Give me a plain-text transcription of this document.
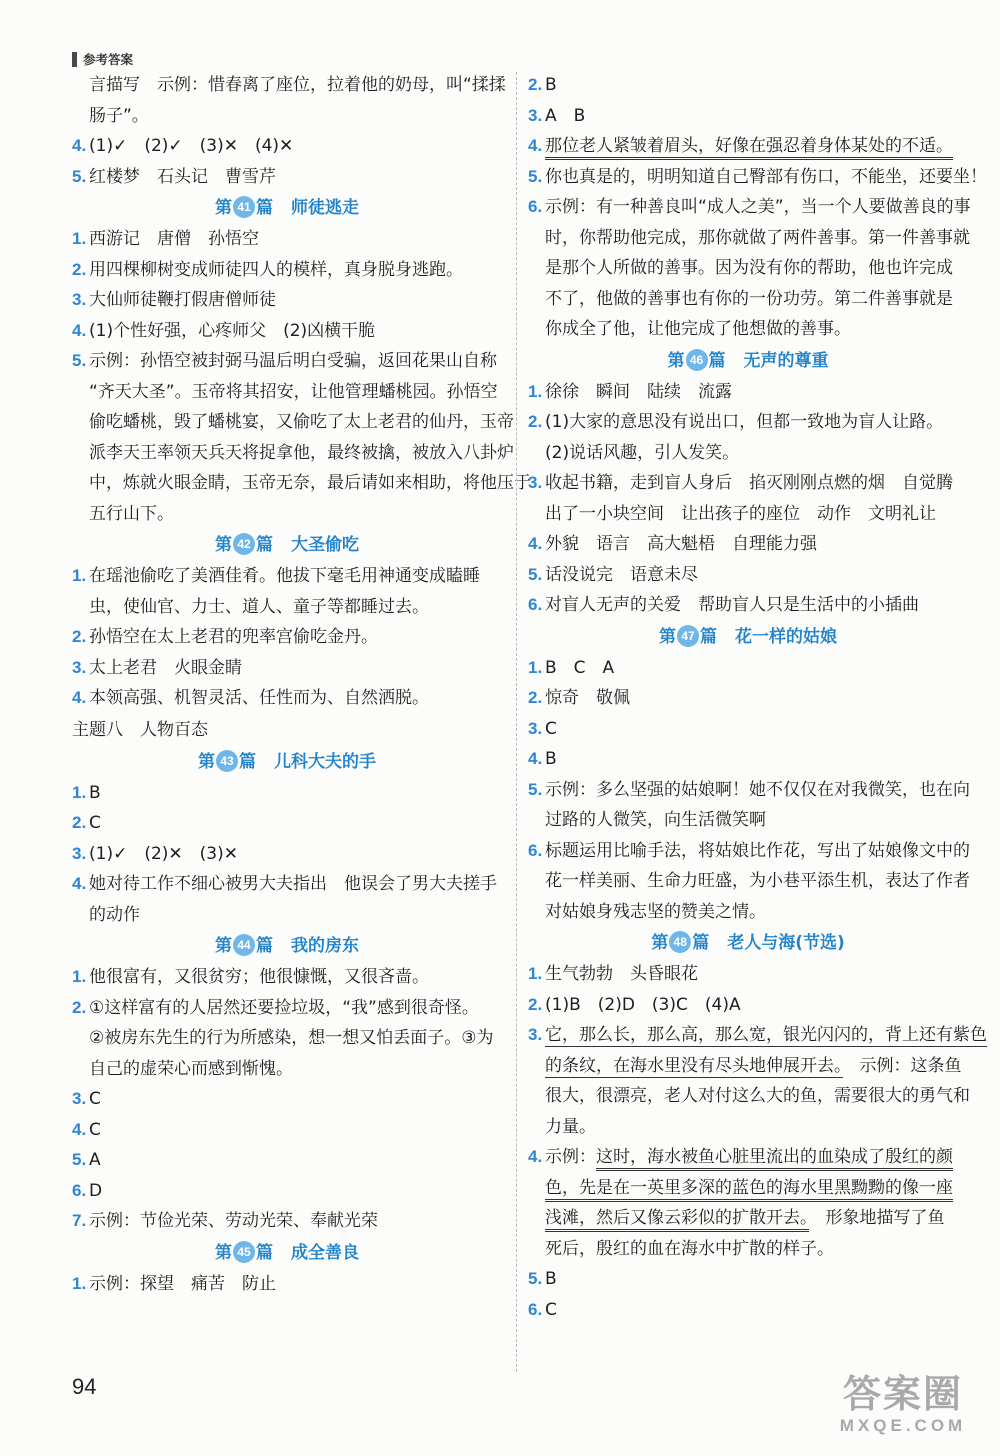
参考答案
言描写　示例：惜春离了座位，拉着他的奶母，叫“揉揉
肠子”。
4. (1)✓　(2)✓　(3)✕　(4)✕
5. 红楼梦　石头记　曹雪芹
第 41 篇 师徒逃走
1. 西游记　唐僧　孙悟空
2. 用四棵柳树变成师徒四人的模样，真身脱身逃跑。
3. 大仙师徒鞭打假唐僧师徒
4. (1)个性好强，心疼师父　(2)凶横干脆
5. 示例：孙悟空被封弼马温后明白受骗，返回花果山自称
“齐天大圣”。玉帝将其招安，让他管理蟠桃园。孙悟空
偷吃蟠桃，毁了蟠桃宴，又偷吃了太上老君的仙丹，玉帝
派李天王率领天兵天将捉拿他，最终被擒，被放入八卦炉
中，炼就火眼金睛，玉帝无奈，最后请如来相助，将他压于
五行山下。
第 42 篇 大圣偷吃
1. 在瑶池偷吃了美酒佳肴。他拔下毫毛用神通变成瞌睡
虫，使仙官、力士、道人、童子等都睡过去。
2. 孙悟空在太上老君的兜率宫偷吃金丹。
3. 太上老君　火眼金睛
4. 本领高强、机智灵活、任性而为、自然洒脱。
主题八　人物百态
第 43 篇 儿科大夫的手
1. B
2. C
3. (1)✓　(2)✕　(3)✕
4. 她对待工作不细心被男大夫指出　他误会了男大夫搓手
的动作
第 44 篇 我的房东
1. 他很富有，又很贫穷；他很慷慨，又很吝啬。
2. ①这样富有的人居然还要捡垃圾，“我”感到很奇怪。
②被房东先生的行为所感染，想一想又怕丢面子。③为
自己的虚荣心而感到惭愧。
3. C
4. C
5. A
6. D
7. 示例：节俭光荣、劳动光荣、奉献光荣
第 45 篇 成全善良
1. 示例：探望　痛苦　防止
2. B
3. A　B
4. 那位老人紧皱着眉头，好像在强忍着身体某处的不适。
5. 你也真是的，明明知道自己臀部有伤口，不能坐，还要坐！
6. 示例：有一种善良叫“成人之美”，当一个人要做善良的事
时，你帮助他完成，那你就做了两件善事。第一件善事就
是那个人所做的善事。因为没有你的帮助，他也许完成
不了，他做的善事也有你的一份功劳。第二件善事就是
你成全了他，让他完成了他想做的善事。
第 46 篇 无声的尊重
1. 徐徐　瞬间　陆续　流露
2. (1)大家的意思没有说出口，但都一致地为盲人让路。
(2)说话风趣，引人发笑。
3. 收起书籍，走到盲人身后　掐灭刚刚点燃的烟　自觉腾
出了一小块空间　让出孩子的座位　动作　文明礼让
4. 外貌　语言　高大魁梧　自理能力强
5. 话没说完　语意未尽
6. 对盲人无声的关爱　帮助盲人只是生活中的小插曲
第 47 篇 花一样的姑娘
1. B　C　A
2. 惊奇　敬佩
3. C
4. B
5. 示例：多么坚强的姑娘啊！她不仅仅在对我微笑，也在向
过路的人微笑，向生活微笑啊
6. 标题运用比喻手法，将姑娘比作花，写出了姑娘像文中的
花一样美丽、生命力旺盛，为小巷平添生机，表达了作者
对姑娘身残志坚的赞美之情。
第 48 篇 老人与海(节选)
1. 生气勃勃　头昏眼花
2. (1)B　(2)D　(3)C　(4)A
3. 它，那么长，那么高，那么宽，银光闪闪的，背上还有紫色
的条纹，在海水里没有尽头地伸展开去。　示例：这条鱼
很大，很漂亮，老人对付这么大的鱼，需要很大的勇气和
力量。
4. 示例：这时，海水被鱼心脏里流出的血染成了殷红的颜
色，先是在一英里多深的蓝色的海水里黑黝黝的像一座
浅滩，然后又像云彩似的扩散开去。　形象地描写了鱼
死后，殷红的血在海水中扩散的样子。
5. B
6. C
94	答案圈
MXQE.COM
